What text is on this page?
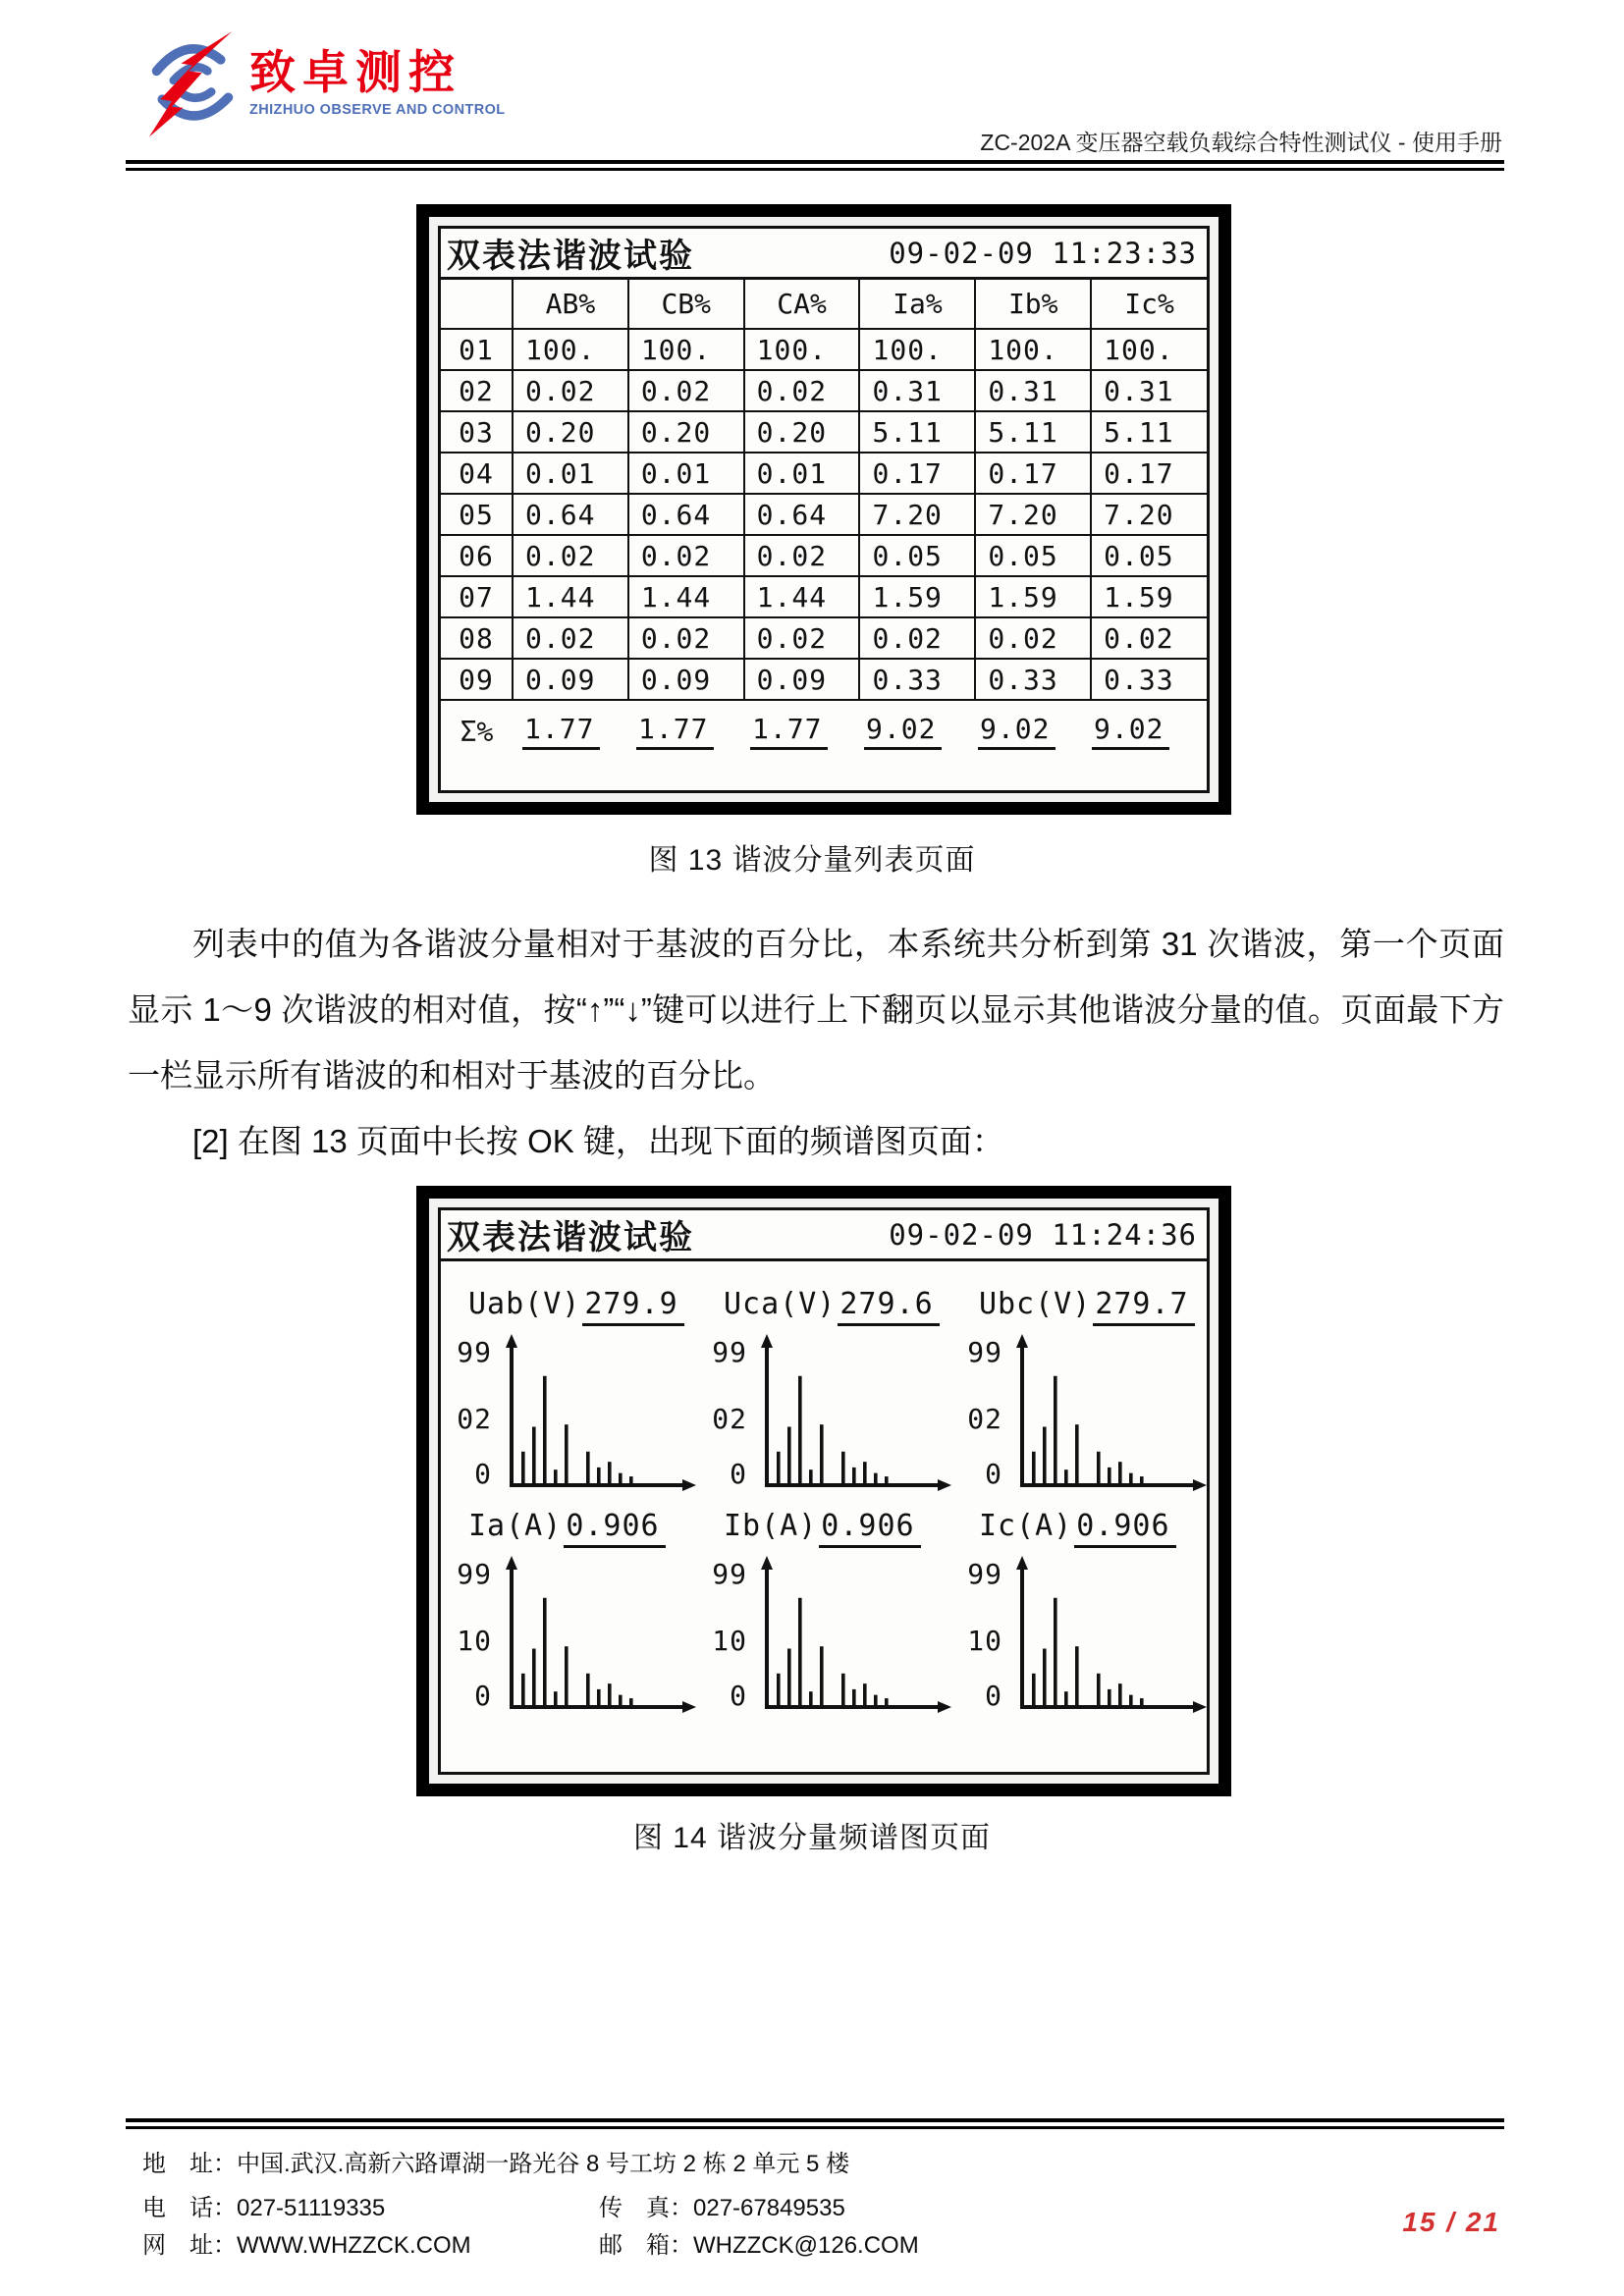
致卓测控
ZHIZHUO OBSERVE AND CONTROL
ZC-202A 变压器空载负载综合特性测试仪 - 使用手册
双表法谐波试验	09-02-09 11:23:33
	AB%	CB%	CA%	Ia%	Ib%	Ic%
01	100.	100.	100.	100.	100.	100.
02	0.02	0.02	0.02	0.31	0.31	0.31
03	0.20	0.20	0.20	5.11	5.11	5.11
04	0.01	0.01	0.01	0.17	0.17	0.17
05	0.64	0.64	0.64	7.20	7.20	7.20
06	0.02	0.02	0.02	0.05	0.05	0.05
07	1.44	1.44	1.44	1.59	1.59	1.59
08	0.02	0.02	0.02	0.02	0.02	0.02
09	0.09	0.09	0.09	0.33	0.33	0.33
Σ%	1.77	1.77	1.77	9.02	9.02	9.02
图 13 谐波分量列表页面

列表中的值为各谐波分量相对于基波的百分比，本系统共分析到第 31 次谐波，第一个页面显示 1～9 次谐波的相对值，按“↑”“↓”键可以进行上下翻页以显示其他谐波分量的值。页面最下方一栏显示所有谐波的和相对于基波的百分比。

[2] 在图 13 页面中长按 OK 键，出现下面的频谱图页面：

双表法谐波试验	09-02-09 11:24:36
Uab(V) 279.9 Uca(V) 279.6 Ubc(V) 279.7
99
02
0
99
02
0
99
02
0
Ia(A) 0.906 Ib(A) 0.906 Ic(A) 0.906
99
10
0
99
10
0
99
10
0
图 14 谐波分量频谱图页面
地　址：中国.武汉.高新六路谭湖一路光谷 8 号工坊 2 栋 2 单元 5 楼
电　话：027-51119335	传　真：027-67849535
网　址：WWW.WHZZCK.COM	邮　箱：WHZZCK@126.COM
15 / 21
